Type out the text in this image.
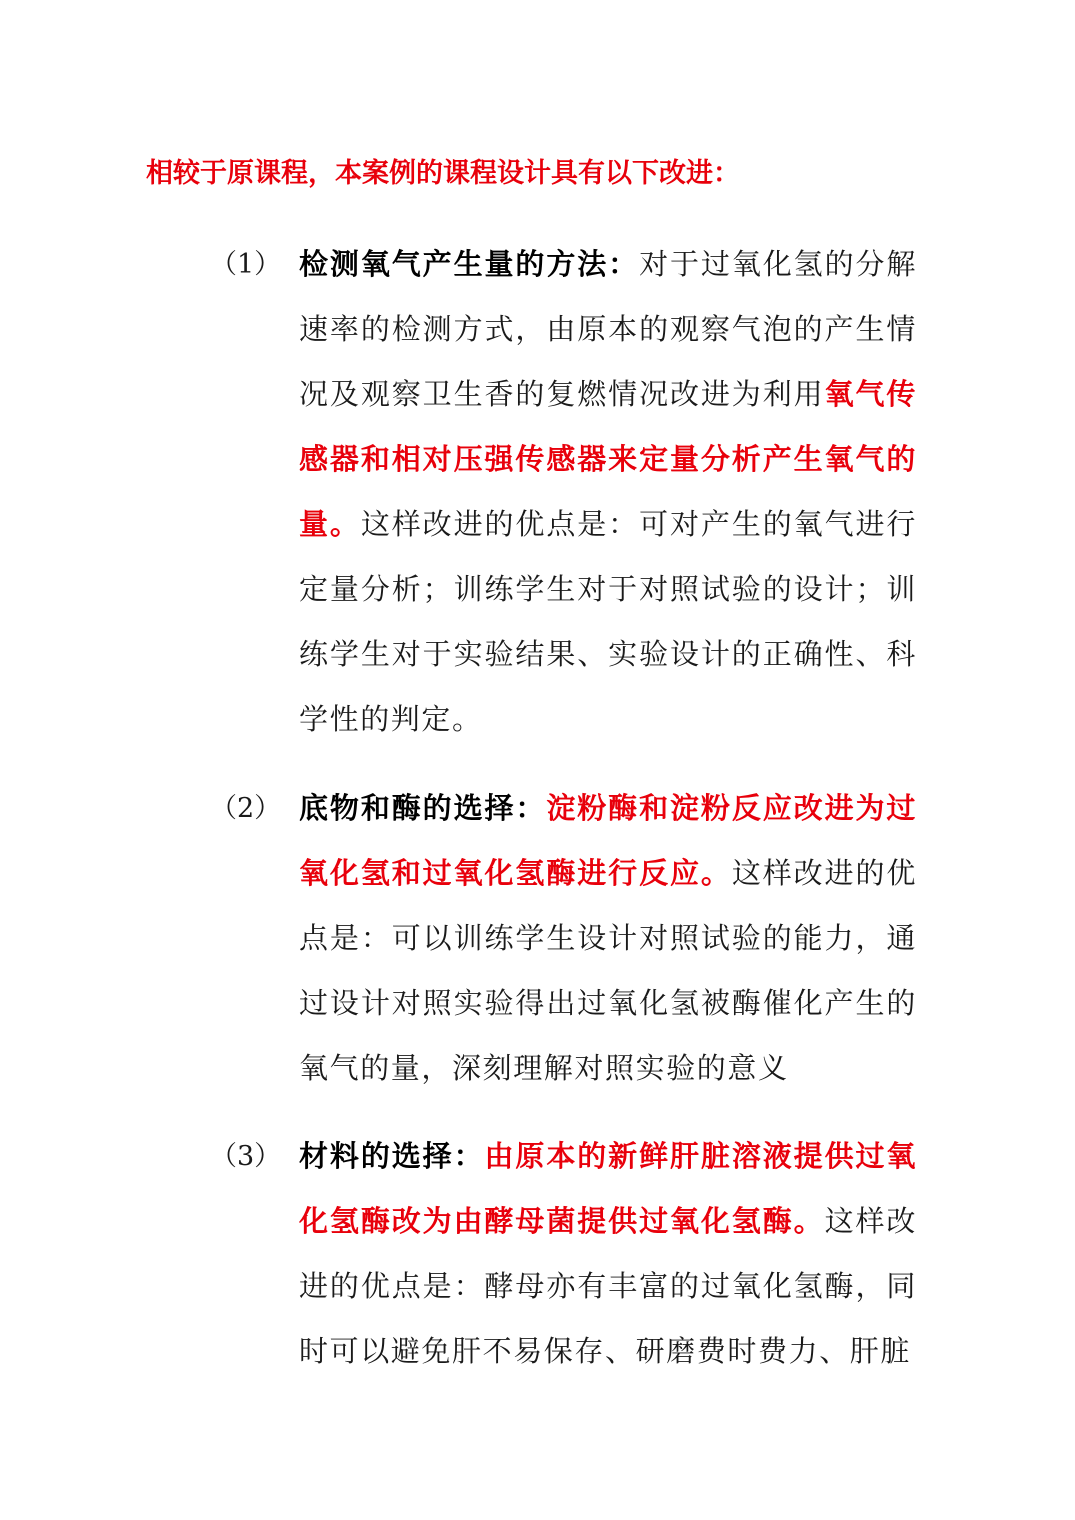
相较于原课程，本案例的课程设计具有以下改进：
（1） 检测氧气产生量的方法：对于过氧化氢的分解速率的检测方式，由原本的观察气泡的产生情况及观察卫生香的复燃情况改进为利用氧气传感器和相对压强传感器来定量分析产生氧气的量。这样改进的优点是：可对产生的氧气进行定量分析；训练学生对于对照试验的设计；训练学生对于实验结果、实验设计的正确性、科学性的判定。

（2） 底物和酶的选择：淀粉酶和淀粉反应改进为过氧化氢和过氧化氢酶进行反应。这样改进的优点是：可以训练学生设计对照试验的能力，通过设计对照实验得出过氧化氢被酶催化产生的氧气的量，深刻理解对照实验的意义

（3） 材料的选择：由原本的新鲜肝脏溶液提供过氧化氢酶改为由酵母菌提供过氧化氢酶。这样改进的优点是：酵母亦有丰富的过氧化氢酶，同时可以避免肝不易保存、研磨费时费力、肝脏
